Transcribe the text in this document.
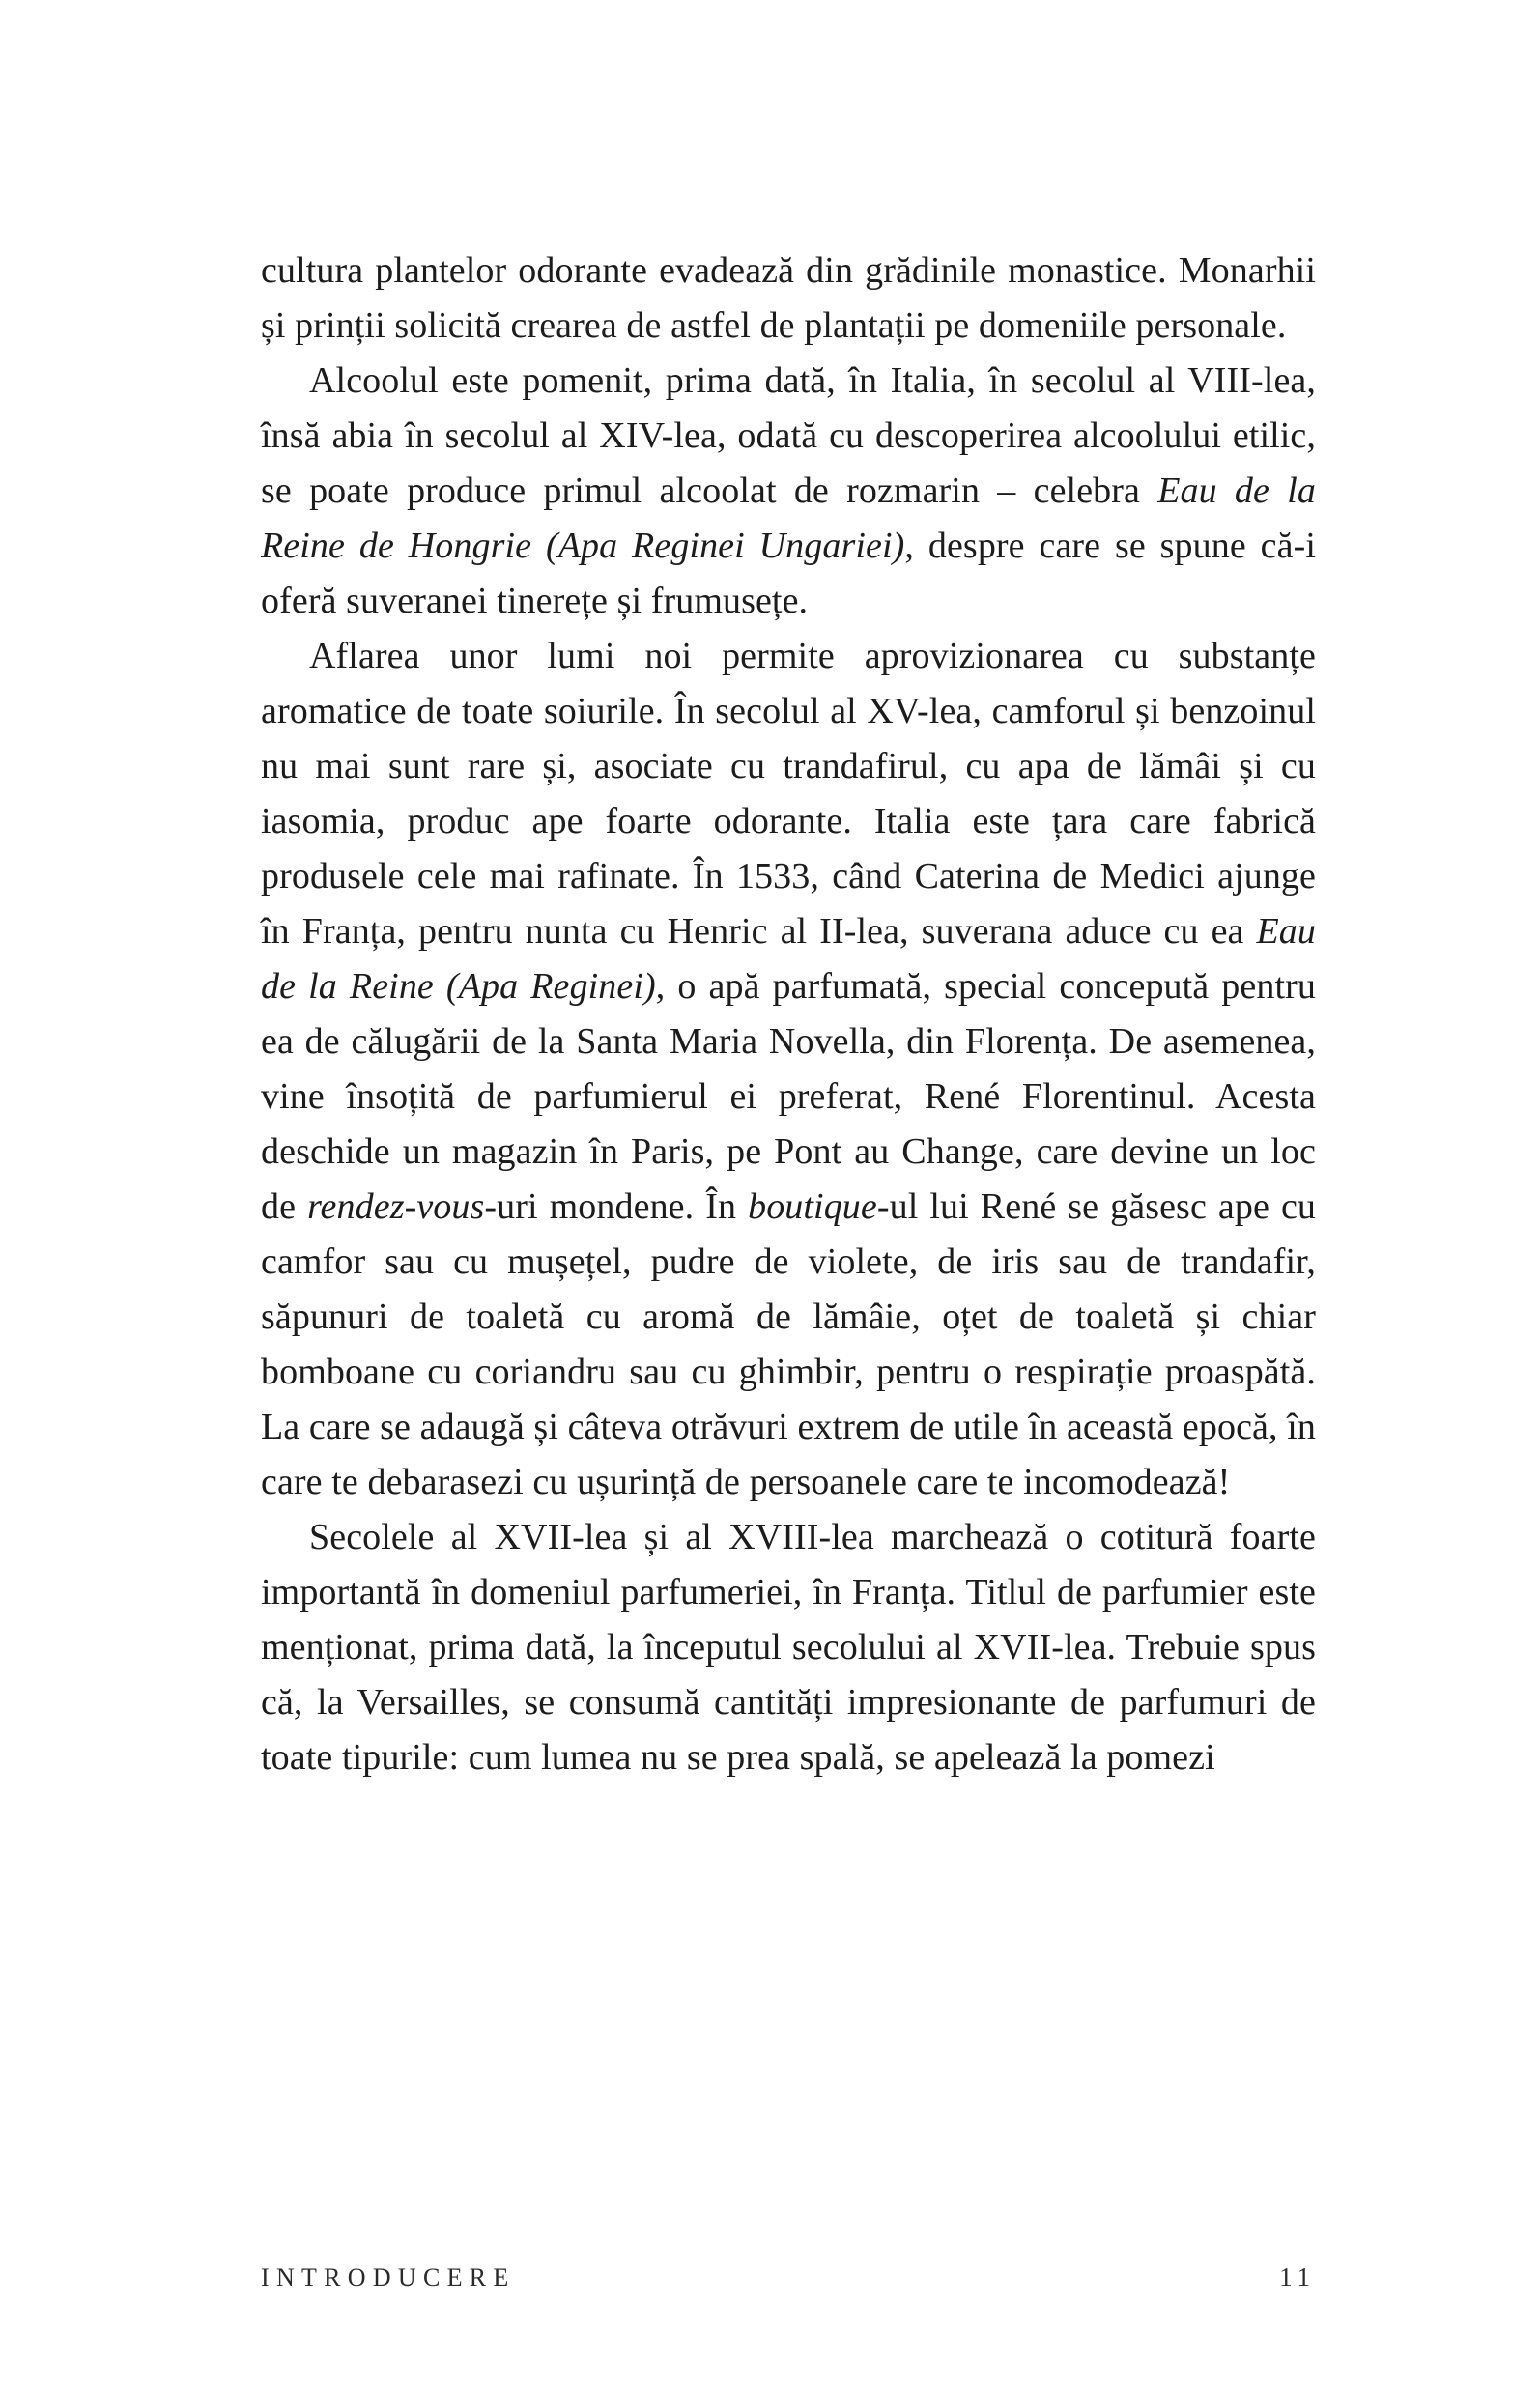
cultura plantelor odorante evadează din grădinile monastice. Monarhii și prinții solicită crearea de astfel de plantații pe domeniile personale.

Alcoolul este pomenit, prima dată, în Italia, în secolul al VIII-lea, însă abia în secolul al XIV-lea, odată cu descoperirea alcoolului etilic, se poate produce primul alcoolat de rozmarin – celebra Eau de la Reine de Hongrie (Apa Reginei Ungariei), despre care se spune că-i oferă suveranei tinerețe și frumusețe.

Aflarea unor lumi noi permite aprovizionarea cu substanțe aromatice de toate soiurile. În secolul al XV-lea, camforul și benzoinul nu mai sunt rare și, asociate cu trandafirul, cu apa de lămâi și cu iasomia, produc ape foarte odorante. Italia este țara care fabrică produsele cele mai rafinate. În 1533, când Caterina de Medici ajunge în Franța, pentru nunta cu Henric al II-lea, suverana aduce cu ea Eau de la Reine (Apa Reginei), o apă parfumată, special concepută pentru ea de călugării de la Santa Maria Novella, din Florența. De asemenea, vine însoțită de parfumierul ei preferat, René Florentinul. Acesta deschide un magazin în Paris, pe Pont au Change, care devine un loc de rendez-vous-uri mondene. În boutique-ul lui René se găsesc ape cu camfor sau cu mușețel, pudre de violete, de iris sau de trandafir, săpunuri de toaletă cu aromă de lămâie, oțet de toaletă și chiar bomboane cu coriandru sau cu ghimbir, pentru o respirație proaspătă. La care se adaugă și câteva otrăvuri extrem de utile în această epocă, în care te debarasezi cu ușurință de persoanele care te incomodează!

Secolele al XVII-lea și al XVIII-lea marchează o cotitură foarte importantă în domeniul parfumeriei, în Franța. Titlul de parfumier este menționat, prima dată, la începutul secolului al XVII-lea. Trebuie spus că, la Versailles, se consumă cantități impresionante de parfumuri de toate tipurile: cum lumea nu se prea spală, se apelează la pomezi

INTRODUCERE	11
